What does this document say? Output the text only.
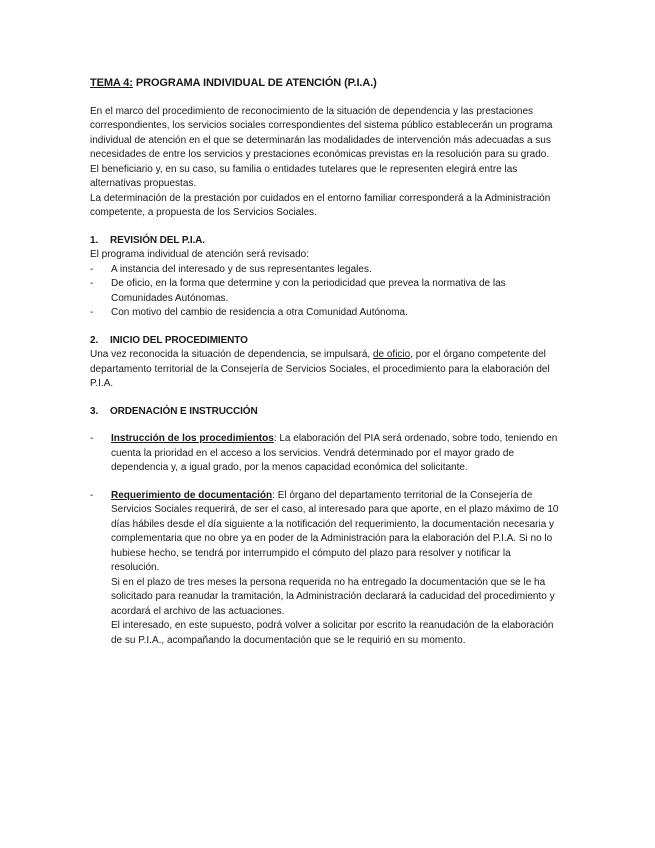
TEMA 4: PROGRAMA INDIVIDUAL DE ATENCIÓN (P.I.A.)

En el marco del procedimiento de reconocimiento de la situación de dependencia y las prestaciones correspondientes, los servicios sociales correspondientes del sistema público establecerán un programa individual de atención en el que se determinarán las modalidades de intervención más adecuadas a sus necesidades de entre los servicios y prestaciones económicas previstas en la resolución para su grado.

El beneficiario y, en su caso, su familia o entidades tutelares que le representen elegirá entre las alternativas propuestas.

La determinación de la prestación por cuidados en el entorno familiar corresponderá a la Administración competente, a propuesta de los Servicios Sociales.

1. REVISIÓN DEL P.I.A.

El programa individual de atención será revisado:

- A instancia del interesado y de sus representantes legales.
- De oficio, en la forma que determine y con la periodicidad que prevea la normativa de las Comunidades Autónomas.
- Con motivo del cambio de residencia a otra Comunidad Autónoma.
2. INICIO DEL PROCEDIMIENTO

Una vez reconocida la situación de dependencia, se impulsará, de oficio, por el órgano competente del departamento territorial de la Consejería de Servicios Sociales, el procedimiento para la elaboración del P.I.A.

3. ORDENACIÓN E INSTRUCCIÓN
- Instrucción de los procedimientos: La elaboración del PIA será ordenado, sobre todo, teniendo en cuenta la prioridad en el acceso a los servicios. Vendrá determinado por el mayor grado de dependencia y, a igual grado, por la menos capacidad económica del solicitante.

- Requerimiento de documentación: El órgano del departamento territorial de la Consejería de Servicios Sociales requerirá, de ser el caso, al interesado para que aporte, en el plazo máximo de 10 días hábiles desde el día siguiente a la notificación del requerimiento, la documentación necesaria y complementaria que no obre ya en poder de la Administración para la elaboración del P.I.A. Si no lo hubiese hecho, se tendrá por interrumpido el cómputo del plazo para resolver y notificar la resolución.

Si en el plazo de tres meses la persona requerida no ha entregado la documentación que se le ha solicitado para reanudar la tramitación, la Administración declarará la caducidad del procedimiento y acordará el archivo de las actuaciones.

El interesado, en este supuesto, podrá volver a solicitar por escrito la reanudación de la elaboración de su P.I.A., acompañando la documentación que se le requirió en su momento.
